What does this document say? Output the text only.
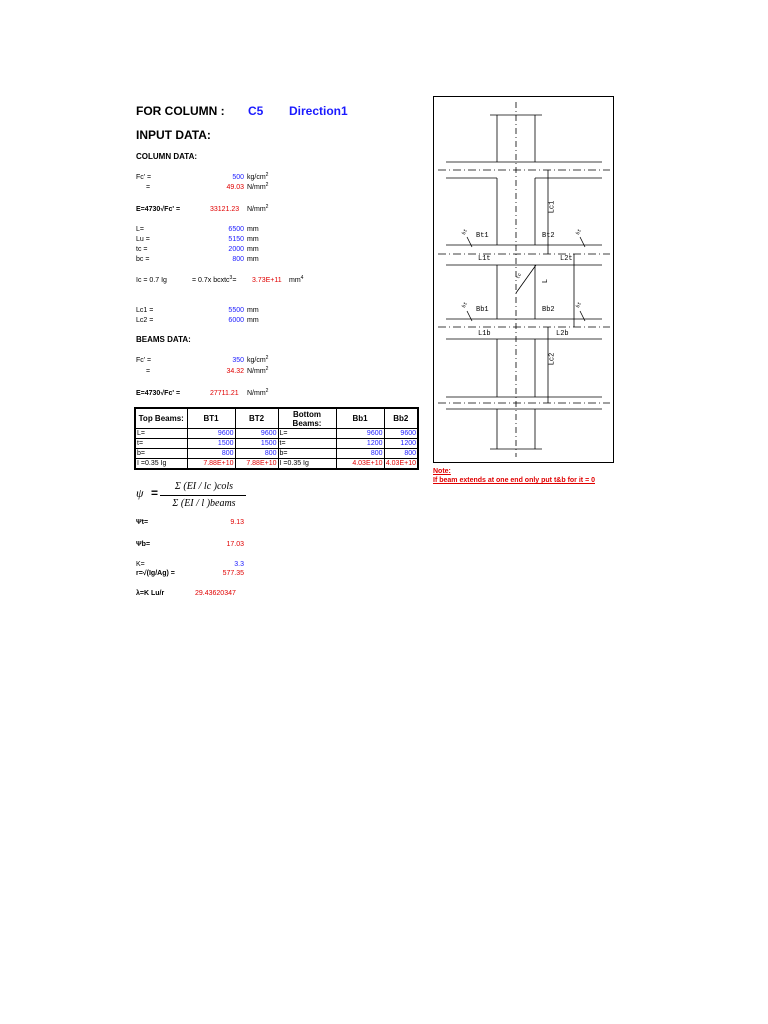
FOR COLUMN : C5 Direction1
INPUT DATA:
COLUMN DATA:
Fc' =	500 $kg/cm^2$
=	49.03 $N/mm^2$
E=4730√Fc' =	33121.23 $N/mm^2$
L=	6500 mm
Lu =	5150 mm
tc =	2000 mm
bc =	800 mm
Ic = 0.7 Ig	= 0.7x bcxtc$^3$= 3.73E+11 $mm^4$
Lc1 =	5500 mm
Lc2 =	6000 mm
BEAMS DATA:
Fc' =	350 $kg/cm^2$
=	34.32 $N/mm^2$
E=4730√Fc' =	27711.21 $N/mm^2$
Top Beams:	BT1	BT2	Bottom Beams:	Bb1	Bb2
L=	9600	9600	L=	9600	9600
t=	1500	1500	t=	1200	1200
b=	800	800	b=	800	800
I =0.35 Ig	7.88E+10	7.88E+10	I =0.35 Ig	4.03E+10	4.03E+10
ψ =	Σ (EI / lc )cols
Σ (EI / l )beams
Ψt=	9.13
Ψb=	17.03
K=	3.3
r=√(Ig/Ag) =	577.35
λ=K Lu/r	29.43620347
Lc1
Bt1	Bt2
L1t	L2t
L
Bb1	Bb2
L1b	L2b
Lc2
bt	bt
bt	bt
tc
Note:
If beam extends at one end only put t&b for it = 0
